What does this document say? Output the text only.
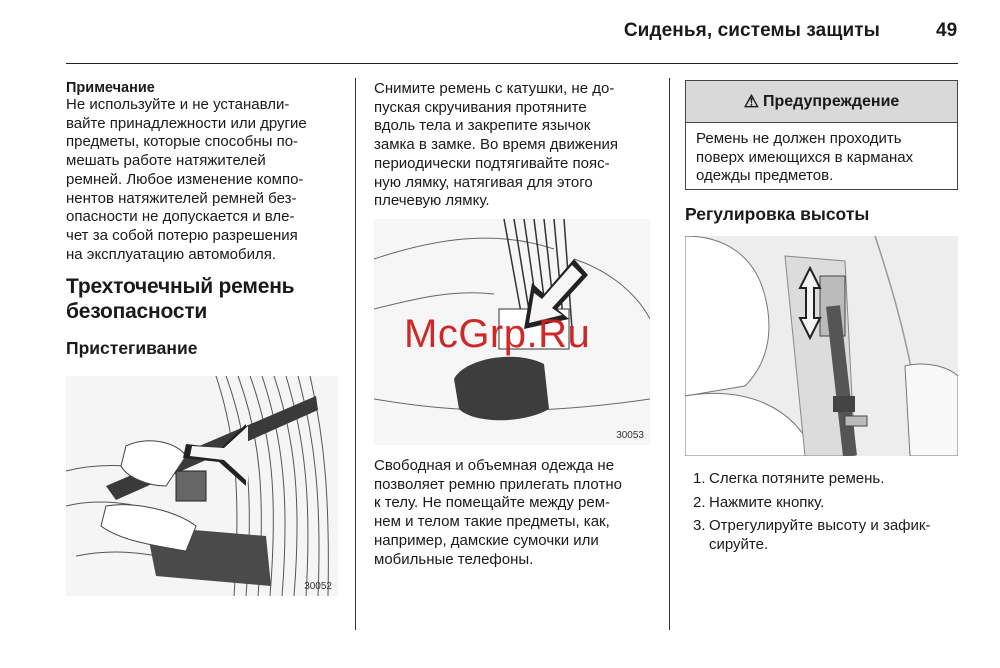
Сиденья, системы защиты	49
Примечание
Не используйте и не устанавли-
вайте принадлежности или другие
предметы, которые способны по-
мешать работе натяжителей
ремней. Любое изменение компо-
нентов натяжителей ремней без-
опасности не допускается и вле-
чет за собой потерю разрешения
на эксплуатацию автомобиля.
Трехточечный ремень
безопасности
Пристегивание
30052
Снимите ремень с катушки, не до-
пуская скручивания протяните
вдоль тела и закрепите язычок
замка в замке. Во время движения
периодически подтягивайте пояс-
ную лямку, натягивая для этого
плечевую лямку.
30053
Свободная и объемная одежда не
позволяет ремню прилегать плотно
к телу. Не помещайте между рем-
нем и телом такие предметы, как,
например, дамские сумочки или
мобильные телефоны.
⚠ Предупреждение
Ремень не должен проходить
поверх имеющихся в карманах
одежды предметов.
Регулировка высоты
1. Слегка потяните ремень.
2. Нажмите кнопку.
3. Отрегулируйте высоту и зафик-
сируйте.
McGrp.Ru
